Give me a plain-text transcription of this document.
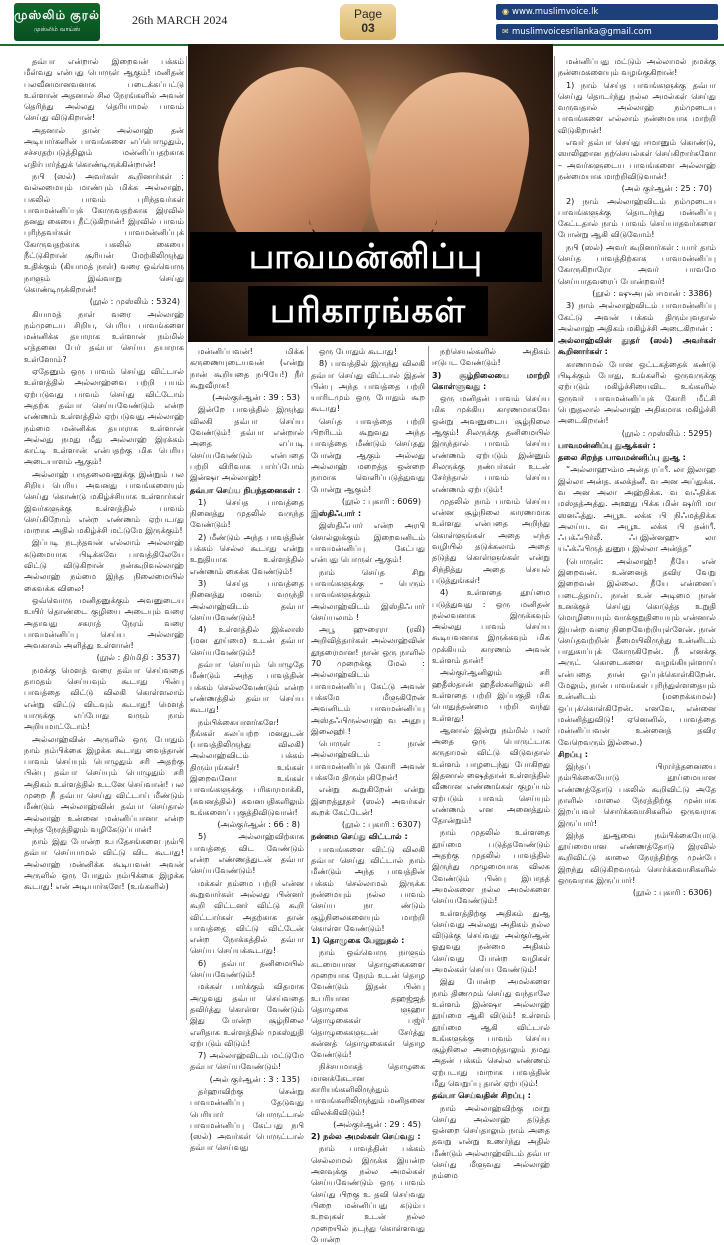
முஸ்லிம் குரல்
முஸ்லிம் வாய்ஸ்
26th MARCH 2024	Page
03
◉ www.muslimvoice.lk
✉ muslimvoicesrilanka@gmail.com

தவ்பா என்றால் இறைவன் பக்கம் மீள்வது என்பது பொருள் ஆகும்! மனிதன் பலவீனமானவனாக படைக்கப்பட்டு உள்ளான் அதனால் சில நேரங்களில் அவன் தெரிந்து அல்லது தெரியாமல் பாவம் செய்து விடுகிறான்!

அதனால் தான் அல்லாஹ் தன் அடியார்களின் பாவங்களை எப்பொழுதும், சச்சரதற்படுத்திலும் மன்னிப்பதற்காக எதிர்பார்த்துக் கொண்டிருக்கின்றான்!

நபி (ஸல்) அவர்கள் கூறினார்கள் : வல்லமையும் மாண்பும் மிக்க அல்லாஹ், பகலில் பாவம் புரிந்தவர்கள் பாவமன்னிப்புக் கோருவதற்காக இரவில் தனது கையை நீட்டுகிறான்! இரவில் பாவம் புரிந்தவர்கள் பாவமன்னிப்புக் கோருவதற்காக பகலில் கையை நீட்டுகிறான் சூரியன் மேற்கிலிருந்து உதிக்கும் (கியாமத் நாள்) வரை ஒவ்வொரு நாளும் இவ்வாறு செய்து கொண்டிருக்கிறான்!

(நூல் : முஸ்லிம் : 5324)

கியாமத் நாள் வரை அல்லாஹ் நம்முடைய சிறிய, பெரிய பாவங்களை மன்னிக்க தயாராக உள்ளான் நம்மில் எத்தனை பேர் தவ்பா செய்ய தயாராக உள்ளோம்?

ஏதேனும் ஒரு பாவம் செய்து விட்டால் உள்ளத்தில் அல்லாஹ்வை பற்றி பயம் ஏற்படுவது பாவம் செய்து விட்டோம் அதற்க தவ்பா செய்யவேண்டும் என்ற எண்ணம் உள்ளத்தில் ஏற்படுவது அல்லாஹ் நம்மை மன்னிக்க தயாராக உள்ளான் அல்லது நமது மீது அல்லாஹ் இரக்கம் காட்டி உள்ளான் என்பதற்கு மிக பெரிய அடையாளம் ஆகும்!

அல்லாஹ் பருதலைவனுக்கு இன்றும் பல சிறிய பெரிய அவனது பாவங்களையும் செய்து கொண்டு மகிழ்ச்சியாக உள்ளார்கள் இவர்களுக்கு உள்ளத்தில் பாவம் செய்கிறோம் என்ற எண்ணம் ஏற்படாது மாறாக அதில் மகிழ்ச்சி மட்டுமே இருக்கும்!

இப்படி நடந்தவன் எல்லாம் அல்லாஹ் கடுமையாக பிடிக்கவே பாவத்திலேயே விட்டு விடுகிறான் நன்கூறிவல்லாஹ் அல்லாஹ் நம்மை இந்த நிலைமையில் கைவக்க விலை!

ஒவ்வொரு மனிதனுக்கும் அவனுடைய உயிர் தொண்டை குழியை அடையும் வரை அதாவது சகராத் நேரம் வரை பாவமன்னிப்பு செய்ய அல்லாஹ் அவகாசம் அளித்து உள்ளான்!

(நூல் : திர்மிதி : 3537)

நமக்கு மௌத் வரை தவ்பா செய்வதை தாமதம் செய்யவும் கூடாது பின்பு பாவத்தை விட்டு விலகி கொள்ளலாம் என்று விட்டு விடவும் கூடாது! மௌத் யாருக்கு எப்போது வரும் நாம் அறியமாட்டோம்!

அல்லாஹ்வின் அருளில் ஒரு போதும் நாம் நம்பிக்கை இழக்க கூடாது வைத்தான் பாவம் செய்யும் பொழுதும் சரி அதற்கு பின்பு தவ்பா செய்யும் பொழுதும் சரி அதிகம் உள்ளத்தில் உடனே செய்வான்! பல முறை நீ தவ்பா செய்து விட்டாய் மீண்டும் மீண்டும் அல்லாஹ்வின் தவ்பா செய்தால் அல்லாஹ் உன்னை மன்னிப்பானா என்ற அந்த நேரத்திலும் வழிகேடுப்பான்!

நாம் இது போன்ற உபதேசங்களை நம்பி தவ்பா செய்யாமல் விட்டு விட கூடாது! அல்லாஹ் மன்னிக்க கூடியவன் அவன் அருளில் ஒரு போதும் நம்பிக்கை இழக்க கூடாது! என் அடியார்களே! (உங்களில்)

பாவமன்னிப்பு
பரிகாரங்கள்

மன்னிப்பவன்! மிக்க கருணையுடையவன் (என்று நான் கூறியதை நபியே!) நீர் கூறுவீராக!

(அல்குர்ஆன் : 39 : 53)

இன்றே பாவத்தில் இருந்து விலகி தவ்பா செய்ய வேண்டும்! தவ்பா என்றால் அதை எப்படி செய்யவேண்டும் என்பதை பற்றி விரிவாக பார்ப்போம் இன்ஷா அல்லாஹ்!

தவ்பா செய்ய நிபந்தனைகள் :

1) செய்த பாவத்தை நினைத்து முதலில் வருந்த வேண்டும்!

2) மீண்டும் அந்த பாவத்தின் பக்கம் செல்ல கூடாது என்று உறுதியாக உள்ளத்தில் எண்ணம் கைக்க வேண்டும்!

3) செய்த பாவத்தை நினைத்து மனம் வருந்தி அல்லாஹ்விடம் தவ்பா செய்யவேண்டும்!

4) உள்ளத்தில் இக்லாஸ் (மன தூய்மை) உடன் தவ்பா செய்யவேண்டும்!

தவ்பா செய்யும் பொழுதே மீண்டும் அந்த பாவத்தின் பக்கம் செல்லவேண்டும் என்ற எண்ணத்தில் தவ்பா செய்ய கூடாது!

நம்பிக்கையாளர்களே! நீங்கள் கலப்பற்ற மனதுடன் (பாவத்திலிருந்து விலகி) அல்லாஹ்விடம் பக்கம் திரும்புங்கள்! உங்கள் இறைவனோ உங்கள் பாவங்களுக்கு பரிகாரமாக்கி, (சுவனத்தில்) சுவனபதிகளிலும் உங்களைப் புகுத்திவிடுவான்!

(அல்குர்ஆன் : 66 : 8)

5) அல்லாஹ்விற்காக பாவத்தை விட வேண்டும் என்ற எண்ணத்துடன் தவ்பா செய்யவேண்டும்!

மக்கள் நம்மை பற்றி என்ன கூறுவார்கள் அல்லது பின்னர் கூறி விட்டனர் விட்டு கூறி விட்டார்கள் அதற்காக தான் பாவத்தை விட்டு விட்டேன் என்ற நோக்கத்தில் தவ்பா செய்ய செய்யக்கூடாது!

6) தவ்பா தனிமையில் செய்யவேண்டும்!

மக்கள் பார்க்கும் விதமாக அழுவது தவ்பா செய்வதை தவிர்த்து கொள்ள வேண்டும் இது போன்ற சூழ்நிலை எளிதாக உள்ளத்தில் முகஸ்துதி ஏற்படும் விடும்!

7) அல்லாஹ்விடம் மட்டுமே தவ்பா செய்யவேண்டும்!

(அல் குர்ஆன் : 3 : 135)

தர்ஹாவிற்கு சென்று பாவமன்னிப்பு தேடுவது பெரியார் பொருட்டால் பாவமன்னிப்பு கேட்பது நபி (ஸல்) அவர்கள் பொருட்டால் தவ்பா செய்வது

ஒரு போதும் கூடாது!

8) பாவத்தில் இருந்து விலகி தவ்பா செய்து விட்டால் இதன் பின்பு அந்த பாவத்தை பற்றி யாரிடமும் ஒரு போதும் கூற கூடாது!

செய்த பாவத்தை பற்றி பிறரிடம் கூறுவது அந்த பாவத்தை மீண்டும் செய்தது போன்று ஆகும் அல்லது அல்லாஹ் மறைத்த ஒன்றை நாமாக வெளிப்படுத்துவது போன்று ஆகும்!

(நூல் : புகாரி : 6069)

இஸ்திஃபார் :

இஸ்திஃபார் என்ற அரபி சொல்லுக்கும் இறைவனிடம் பாவமன்னிப்பு கேட்பது என்பது பொருள் ஆகும்!

நாம் செய்த சிறு பாவங்களுக்கு – பெரும் பாவங்களுக்கும் அல்லாஹ்விடம் இஸ்திஃபார் செய்யலாம் !

அபூ ஹுரைரா (ரலி) அறிவித்தார்கள் அல்லாஹ்வின் தூதரைமான! நான் ஒரு நாளில் 70 முறைக்கு மேல் : அல்லாஹ்விடம் பாவமன்னிப்பு கேட்டு அவன் பக்கமே மீளுகிறேன் அவனிடம் பாவமன்னிப்பு அஸ்தஃபிருல்லாஹ் வ அதூபு இலைஹி !

பொருள் : நான் அல்லாஹ்விடம் பாவமன்னிப்புக் கோரி அவன் பக்கமே திரும்புகிறேன்!

என்று கூறுகிறேன் என்று இறைத்தூதர் (ஸல்) அவர்கள் கூறக் கேட்டேன்!

(நூல் : புகாரி : 6307)

நன்மை செய்து விட்டால் :

பாவங்களை விட்டு விலகி தவ்பா செய்து விட்டால் நாம் மீண்டும் அந்த பாவத்தின் பக்கம் செல்லாமல் இருக்க நன்மையும் நல்ல பாவம் செய்ய நா ண்டும் சூழ்நிலைகளையும் மாற்றி கொள்ள வேண்டும்!

1) தொழுகை பேணுதல் :

நாம் ஒவ்வொரு நாளும் கடமையான தொழுகைகளை முறையாக நேரம் உடன் தொழ வேண்டும் இதன் பின்பு உபரியான தஹஜ்ஜத் தொழுகை ளுஹா தொழுகைகள் பஜ்ர் தொழுகைகளுடன் சேர்த்து கன்னத் தொழுகைகள் தொழ வேண்டும்!

நிச்சயமாகத் தொழுகை மானக்கேடான காரியங்களிலிருந்தும் பாவங்களிலிருந்தும் மனிதனை விலக்கிவிடும்!

(அல்குர்ஆன் : 29 : 45)

2) நல்ல அமல்கள் செய்வது :

நாம் பாவத்தின் பக்கம் செல்லாமல் இருக்க இயன்ற அளவுக்கு நல்ல அமல்கள் செய்யவேண்டும் ஒரு பாவம் செய்து பிறகு உ தவி செய்வது பிறை மன்னிப்பது கடும்ப உறவுகள் உடன் நல்ல முறையில் நடந்து கொள்ளவது போன்ற

நற்செயல்களில் அதிகம் ஈடுபட வேண்டும்!

3) சூழ்நிலையை மாற்றி கொள்ளுவது :

ஒரு மனிதன் பாவம் செய்ய மிக முக்கிய காரணமாகவே ஒன்று அவனுடைய சூழ்நிலை ஆகும்! சிலருக்கு தனிமையில் இருந்தால் பாவம் செய்ய எண்ணம் ஏற்படும் இன்னும் சிலருக்கு நண்பர்கள் உடன் சேர்ந்தால் பாவம் செய்ய எண்ணம் ஏற்படும்!

முதலில் நாம் பாவம் செய்ய என்ன சூழ்நிலை காரணமாக உள்ளது என்பதை அறிந்து கொள்ளுங்கள் அதை எந்த வழியில் தடுக்கலாம் அதை தடுத்து கொள்ளுங்கள் என்று சிந்தித்து அதை செயல் படுத்துங்கள்!

4) உள்ளதை தூய்மை படுத்துவது : ஒரு மனிதன் நல்லவனாக இருக்கவும் அல்லது பாவம் செய்ய கூடியவனாக இருக்கவும் மிக முக்கியம் காரணம் அவன் உள்ளம் தான்!

அல்குர்ஆனிலும் சரி ஹதீஸ்தான் ஹதீஸ்களிலும் சரி உள்ளதை பற்றி இப்பகுதி மிக பொதுத்தன்மை பற்றி வந்து உள்ளது!

ஆனால் இன்று நம்மில் பலர் அதை ஒரு பொருட்டாக கருதாமல் விட்டு விடுவதால் உள்ளம் பாழடைந்து போகிறது இதனால் ஷைத்தான் உள்ளத்தில் வீணான எண்ணங்கள் குழப்பம் ஏற்படும் பாவம் செய்யும் எண்ணம் என அனைத்தும் தோன்றும்!

நாம் முதலில் உள்ளதை தூய்மை படுத்தவேண்டும் அதற்கு முதலில் பாவத்தில் இருந்து முழுமையாக விலக வேண்டும் பின்பு இபாதத் அமல்களை நல்ல அமல்களை செய்யவேண்டும்!

உள்ளத்திற்கு அதிகம் துஆ செய்வது அல்லது அதிகம் நல்ல விடுக்கு செய்வது அல்குர்ஆன் ஓதுவது நன்மை அதிகம் செய்வது போன்ற வழிகள் அமல்கள் செய்ய வேண்டும்!

இது போன்ற அமல்களை நாம் திணமும் செய்து வந்தாலே உள்ளம் இன்ஷா அல்லாஹ் தூய்மை ஆகி விடும்! உள்ளம் தூய்மை ஆகி விட்டால் உங்களுக்கு பாவம் செய்ய சூழ்நிலை அமைந்தாலும் நமது அதன் பக்கம் செல்ல எண்ணம் ஏற்படாது மாறாக பாவத்தின் மீது வெறுப்பு தான் ஏற்படும்!

தவ்பா செய்வதின் சிறப்பு :

நாம் அல்லாஹ்விற்கு மாறு செய்து அல்லாஹ் தடுத்த ஒன்றை செய்தாலும் நாம் அதை தவறு என்று உணர்ந்து அதில் மீண்டும் அல்லாஹ்விடம் தவ்பா செய்து மீளுவது அல்லாஹ் நம்மை

மன்னிப்பது மட்டும் அல்லாமல் நமக்கு நன்மைகளையும் வழங்குகிறான்!

1) நாம் செய்த பாவங்களுக்கு தவ்பா செய்து தொடர்ந்து நல்ல அமல்கள் செய்து வருவதால் அல்லாஹ் நம்முடைய பாவங்களை எல்லாம் நன்மையாக மாற்றி விடுகிறான்!

எவர் தவ்பா செய்து ஈமானும் கொண்டு, ஸாலிஹான நற்செயல்கள் செய்கிறார்களோ – அவர்களுடைய பாவங்களை அல்லாஹ் நன்மையாக மாற்றிவிடுவான்!

(அல் குர்ஆன் : 25 : 70)

2) நாம் அல்லாஹ்விடம் நம்முடைய பாவங்களுக்கு தொடர்ந்து மன்னிப்பு கேட்டதால் நாம் பாவம் செய்யாதவர்களை போன்று ஆகி விடுவோம்!

நபி (ஸல்) அவர் கூறினார்கள் : யார் தாம் செய்த பாவத்திற்காக பாவமன்னிப்பு கோருகிறாரோ அவர் பாவமே செய்யாதவரைப் போன்றவர்!

(நூல் : ஷுஅபுல் ஈமான் : 3386)

3) நாம் அல்லாஹ்விடம் பாவமன்னிப்பு கேட்டு அவன் பக்கம் திரும்புவதால் அல்லாஹ் அதிகம் மகிழ்ச்சி அடைகிறான் :

அல்லாஹ்வின் தூதர் (ஸல்) அவர்கள் கூறினார்கள் :

காணாமல் போன ஒட்டகத்தைக் கண்டு பிடிக்கும் போது, உங்களில் ஒருவருக்கு ஏற்படும் மகிழ்ச்சியைவிட உங்களில் ஒருவர் பாவமன்னிப்புக் கோரி மீட்சி பெறுதலால் அல்லாஹ் அதிகமாக மகிழ்ச்சி அடைகிறான்!

(நூல் : முஸ்லிம் : 5295)

பாவமன்னிப்பு துஆக்கள் :

தலை சிறந்த பாவமன்னிப்பு துஆ :

“அல்லாஹும்ம அன்த ரப்பீ. லா இலாஹ இல்லா அன்த. கலக்த்னீ. வ அன அப்துக்க. வ அன அலா அஹ்திக்க. வ வஃதிக்க மஸ்தத்அத்து. அஊது பிக்க மின் ஷர்ரி மா ஸனஃத்து. அபூஉ லக்க பி நிஃமத்திக்க அலய்ய. வ அபூஉ லக்க பி தன்பீ. ஃபக்ஃபிர்லீ. ஃபஇன்னஹு லா யஃக்ஃபிருத் துனூப இல்லா அன்த்த”

(பொருள்: அல்லாஹ்! நீயே என் இறைவன். உன்னைத் தவிர வேறு இறைவன் இல்லை. நீயே என்னைப் படைத்தாய். நான் உன் அடிமை நான் உனக்குச் செய்து கொடுத்த உறுதி மொழியையும் வாக்குறுதியையும் என்னால் இயன்ற வரை நிறைவேற்றியுள்ளேன். நான் செய்தவற்றின் தீமையிலிருந்து உன்னிடம் பாதுகாப்புக் கோருகிறேன். நீ எனக்கு அருட் கொடைகளை வழங்கியுள்ளாய் என்பதை நான் ஒப்புக்கொள்கிறேன். மேலும், நான் பாவங்கள் புரிந்துள்ளதையும் உன்னிடம் (மறைக்காமல்) ஒப்புக்கொள்கிறேன். எனவே, என்னை மன்னித்துவிடு! ஏனெனில், பாவத்தை மன்னிப்பவன் உன்னைத் தவிர வேறெவரும் இல்லை.)

சிறப்பு :

இந்தப் பிரார்த்தனையை நம்பிக்கையோடு தூய்மையான எண்ணத்தோடு பகலில் கூறிவிட்டு அதே நாளில் மாலை நேரத்திற்கு முன்பாக இறப்பவர் சொர்க்கவாசிகளில் ஒருவராக இருப்பார்!

இந்த துஆவை நம்பிக்கையோடு தூய்மையான எண்ணத்தோடு இரவில் கூறிவிட்டு காலை நேரத்திற்கு முன்பே இறந்து விடுகிறவரும் சொர்க்கவாசிகளில் ஒருவராக இருப்பார்!

(நூல் : புகாரி : 6306)
